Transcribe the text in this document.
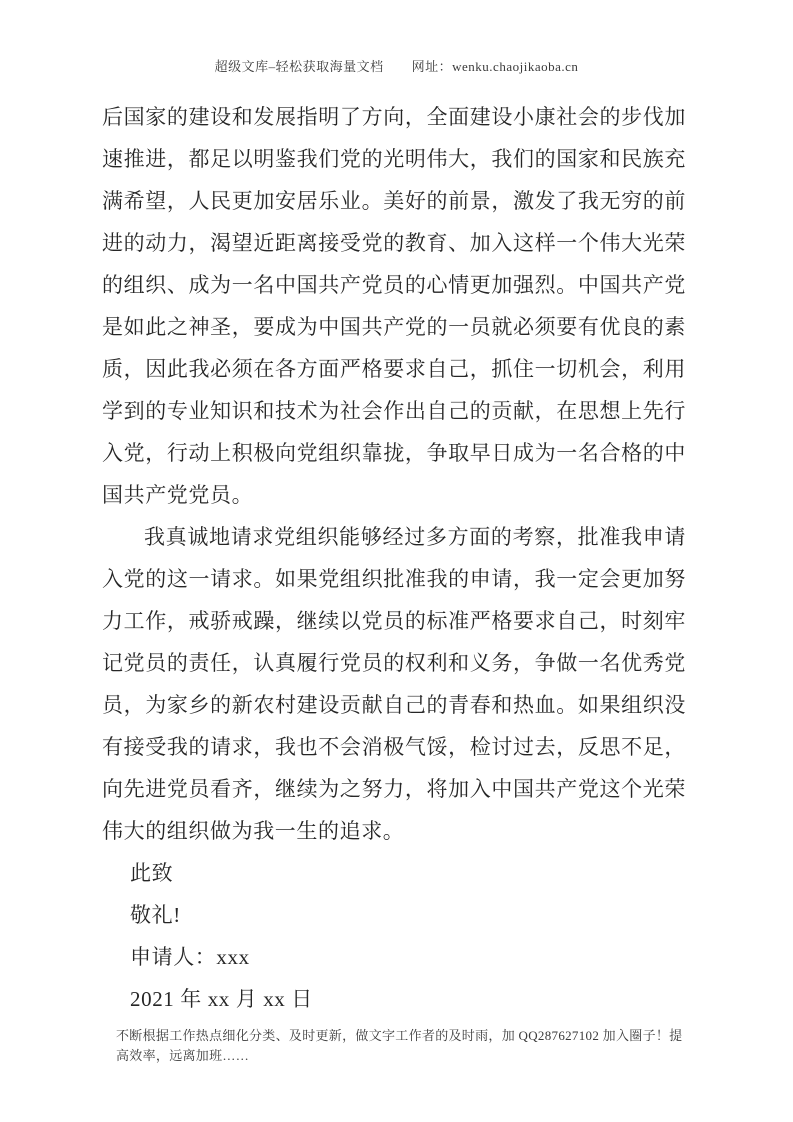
超级文库–轻松获取海量文档 网址：wenku.chaojikaoba.cn

后国家的建设和发展指明了方向，全面建设小康社会的步伐加速推进，都足以明鉴我们党的光明伟大，我们的国家和民族充满希望，人民更加安居乐业。美好的前景，激发了我无穷的前进的动力，渴望近距离接受党的教育、加入这样一个伟大光荣的组织、成为一名中国共产党员的心情更加强烈。中国共产党是如此之神圣，要成为中国共产党的一员就必须要有优良的素质，因此我必须在各方面严格要求自己，抓住一切机会，利用学到的专业知识和技术为社会作出自己的贡献，在思想上先行入党，行动上积极向党组织靠拢，争取早日成为一名合格的中国共产党党员。

我真诚地请求党组织能够经过多方面的考察，批准我申请入党的这一请求。如果党组织批准我的申请，我一定会更加努力工作，戒骄戒躁，继续以党员的标准严格要求自己，时刻牢记党员的责任，认真履行党员的权利和义务，争做一名优秀党员，为家乡的新农村建设贡献自己的青春和热血。如果组织没有接受我的请求，我也不会消极气馁，检讨过去，反思不足，向先进党员看齐，继续为之努力，将加入中国共产党这个光荣伟大的组织做为我一生的追求。

此致

敬礼!

申请人：xxx

2021 年 xx 月 xx 日

不断根据工作热点细化分类、及时更新，做文字工作者的及时雨，加 QQ287627102 加入圈子！提高效率，远离加班……
